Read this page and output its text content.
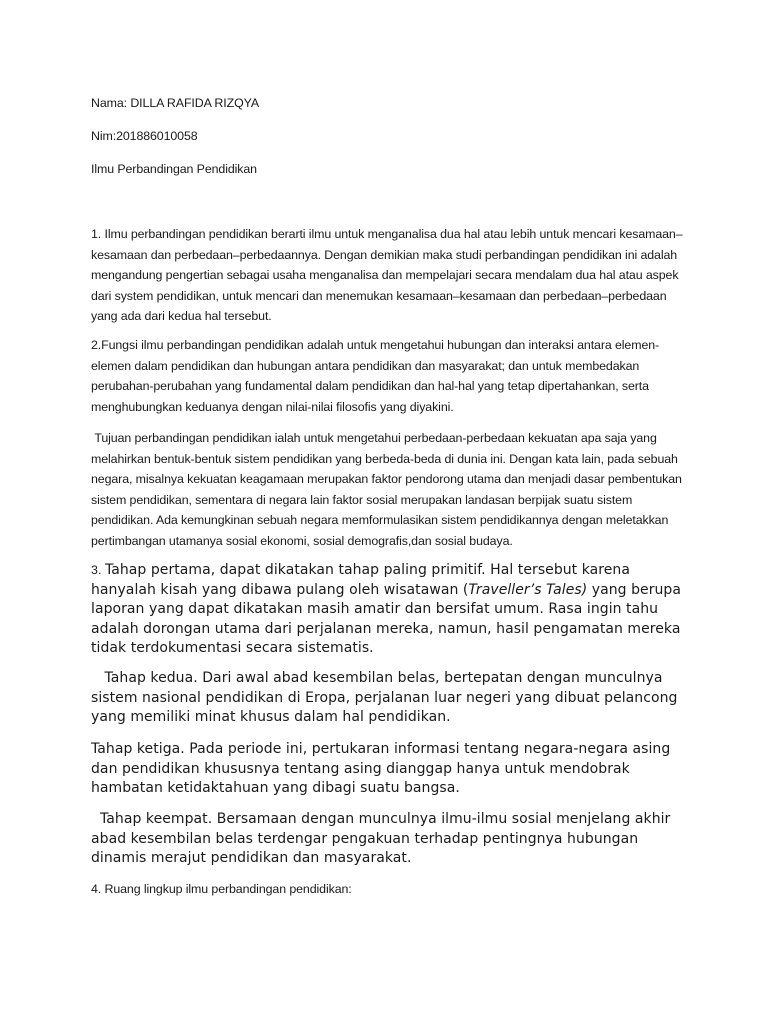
Nama: DILLA RAFIDA RIZQYA

Nim:201886010058

Ilmu Perbandingan Pendidikan

1. Ilmu perbandingan pendidikan berarti ilmu untuk menganalisa dua hal atau lebih untuk mencari kesamaan–kesamaan dan perbedaan–perbedaannya. Dengan demikian maka studi perbandingan pendidikan ini adalah mengandung pengertian sebagai usaha menganalisa dan mempelajari secara mendalam dua hal atau aspek dari system pendidikan, untuk mencari dan menemukan kesamaan–kesamaan dan perbedaan–perbedaan yang ada dari kedua hal tersebut.

2.Fungsi ilmu perbandingan pendidikan adalah untuk mengetahui hubungan dan interaksi antara elemen-elemen dalam pendidikan dan hubungan antara pendidikan dan masyarakat; dan untuk membedakan perubahan-perubahan yang fundamental dalam pendidikan dan hal-hal yang tetap dipertahankan, serta menghubungkan keduanya dengan nilai-nilai filosofis yang diyakini.

Tujuan perbandingan pendidikan ialah untuk mengetahui perbedaan-perbedaan kekuatan apa saja yang melahirkan bentuk-bentuk sistem pendidikan yang berbeda-beda di dunia ini. Dengan kata lain, pada sebuah negara, misalnya kekuatan keagamaan merupakan faktor pendorong utama dan menjadi dasar pembentukan sistem pendidikan, sementara di negara lain faktor sosial merupakan landasan berpijak suatu sistem pendidikan. Ada kemungkinan sebuah negara memformulasikan sistem pendidikannya dengan meletakkan pertimbangan utamanya sosial ekonomi, sosial demografis,dan sosial budaya.

3. Tahap pertama, dapat dikatakan tahap paling primitif. Hal tersebut karena hanyalah kisah yang dibawa pulang oleh wisatawan (Traveller’s Tales) yang berupa laporan yang dapat dikatakan masih amatir dan bersifat umum. Rasa ingin tahu adalah dorongan utama dari perjalanan mereka, namun, hasil pengamatan mereka tidak terdokumentasi secara sistematis.

Tahap kedua. Dari awal abad kesembilan belas, bertepatan dengan munculnya sistem nasional pendidikan di Eropa, perjalanan luar negeri yang dibuat pelancong yang memiliki minat khusus dalam hal pendidikan.

Tahap ketiga. Pada periode ini, pertukaran informasi tentang negara-negara asing dan pendidikan khususnya tentang asing dianggap hanya untuk mendobrak hambatan ketidaktahuan yang dibagi suatu bangsa.

Tahap keempat. Bersamaan dengan munculnya ilmu-ilmu sosial menjelang akhir abad kesembilan belas terdengar pengakuan terhadap pentingnya hubungan dinamis merajut pendidikan dan masyarakat.

4. Ruang lingkup ilmu perbandingan pendidikan:
